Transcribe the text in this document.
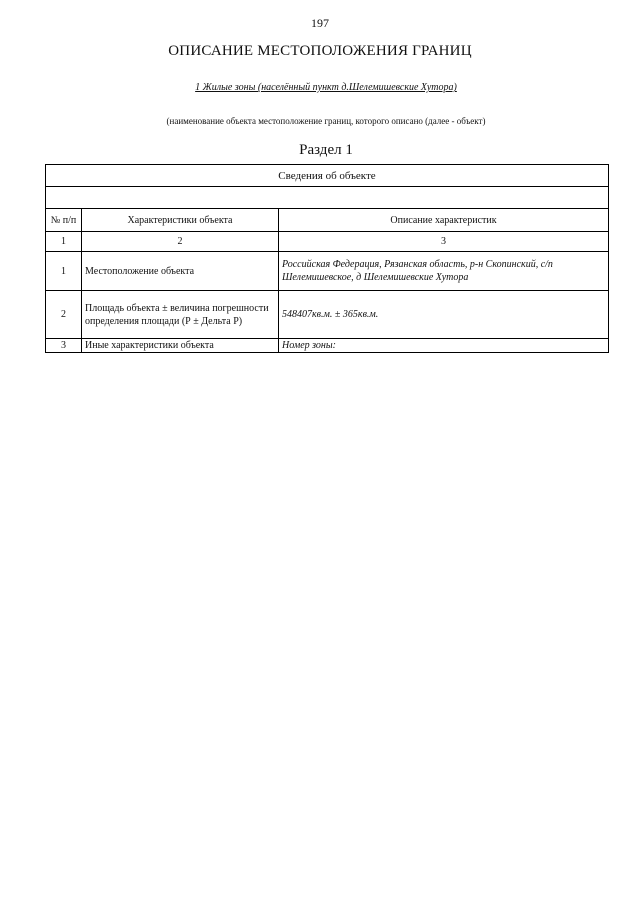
197
ОПИСАНИЕ МЕСТОПОЛОЖЕНИЯ ГРАНИЦ
1 Жилые зоны (населённый пункт д.Шелемишевские Хутора)
(наименование объекта местоположение границ, которого описано (далее - объект)
Раздел 1
Сведения об объекте		

№ п/п	Характеристики объекта	Описание характеристик
1	2	3
1	Местоположение объекта	Российская Федерация, Рязанская область, р-н Скопинский, с/п Шелемишевское, д Шелемишевские Хутора
2	Площадь объекта ± величина погрешности определения площади (Р ± Дельта Р)	548407кв.м. ± 365кв.м.
3	Иные характеристики объекта	Номер зоны:
